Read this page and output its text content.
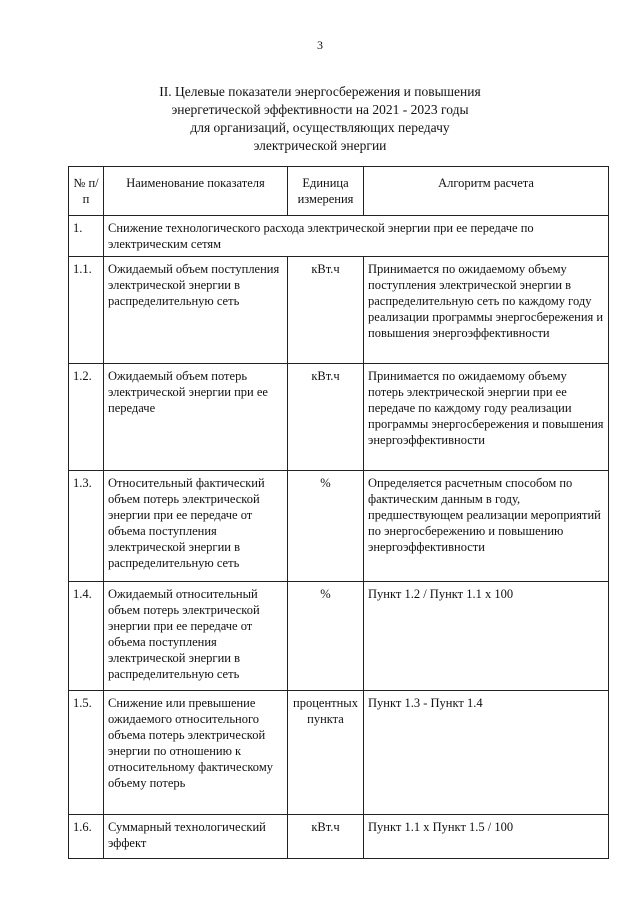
3
II. Целевые показатели энергосбережения и повышения
энергетической эффективности на 2021 - 2023 годы
для организаций, осуществляющих передачу
электрической энергии
№ п/п	Наименование показателя	Единица измерения	Алгоритм расчета
1.	Снижение технологического расхода электрической энергии при ее передаче по электрическим сетям		
1.1.	Ожидаемый объем поступления электрической энергии в распределительную сеть	кВт.ч	Принимается по ожидаемому объему поступления электрической энергии в распределительную сеть по каждому году реализации программы энергосбережения и повышения энергоэффективности
1.2.	Ожидаемый объем потерь электрической энергии при ее передаче	кВт.ч	Принимается по ожидаемому объему потерь электрической энергии при ее передаче по каждому году реализации программы энергосбережения и повышения энергоэффективности
1.3.	Относительный фактический объем потерь электрической энергии при ее передаче от объема поступления электрической энергии в распределительную сеть	%	Определяется расчетным способом по фактическим данным в году, предшествующем реализации мероприятий по энергосбережению и повышению энергоэффективности
1.4.	Ожидаемый относительный объем потерь электрической энергии при ее передаче от объема поступления электрической энергии в распределительную сеть	%	Пункт 1.2 / Пункт 1.1 x 100
1.5.	Снижение или превышение ожидаемого относительного объема потерь электрической энергии по отношению к относительному фактическому объему потерь	процентных пункта	Пункт 1.3 - Пункт 1.4
1.6.	Суммарный технологический эффект	кВт.ч	Пункт 1.1 x Пункт 1.5 / 100
